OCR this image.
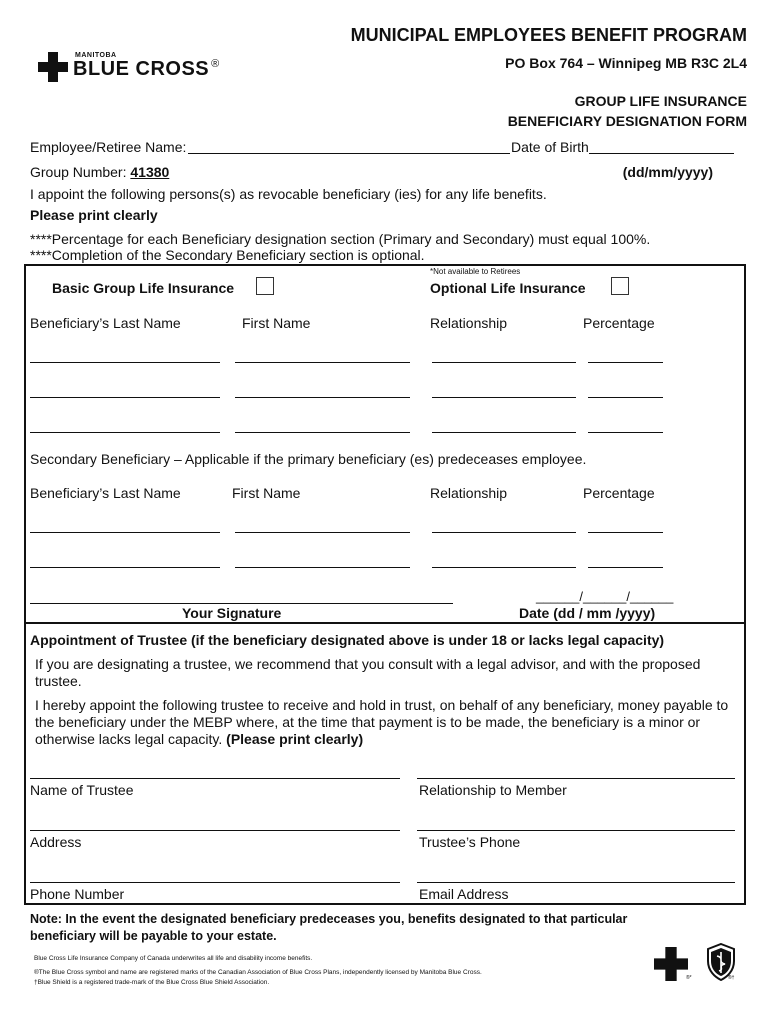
MANITOBA
BLUE CROSS ®
MUNICIPAL EMPLOYEES BENEFIT PROGRAM
PO Box 764 – Winnipeg MB R3C 2L4
GROUP LIFE INSURANCE
BENEFICIARY DESIGNATION FORM
Employee/Retiree Name:	Date of Birth
Group Number: 41380	(dd/mm/yyyy)
I appoint the following persons(s) as revocable beneficiary (ies) for any life benefits.
Please print clearly
****Percentage for each Beneficiary designation section (Primary and Secondary) must equal 100%.
****Completion of the Secondary Beneficiary section is optional.
*Not available to Retirees
Basic Group Life Insurance	Optional Life Insurance
Beneficiary’s Last Name	First Name	Relationship	Percentage
Secondary Beneficiary – Applicable if the primary beneficiary (es) predeceases employee.
Beneficiary’s Last Name	First Name	Relationship	Percentage
______/______/______
Your Signature	Date (dd / mm /yyyy)
Appointment of Trustee (if the beneficiary designated above is under 18 or lacks legal capacity)
If you are designating a trustee, we recommend that you consult with a legal advisor, and with the proposed
trustee.
I hereby appoint the following trustee to receive and hold in trust, on behalf of any beneficiary, money payable to
the beneficiary under the MEBP where, at the time that payment is to be made, the beneficiary is a minor or
otherwise lacks legal capacity. (Please print clearly)
Name of Trustee	Relationship to Member
Address	Trustee’s Phone
Phone Number	Email Address
Note: In the event the designated beneficiary predeceases you, benefits designated to that particular
beneficiary will be payable to your estate.
Blue Cross Life Insurance Company of Canada underwrites all life and disability income benefits.
®The Blue Cross symbol and name are registered marks of the Canadian Association of Blue Cross Plans, independently licensed by Manitoba Blue Cross.
†Blue Shield is a registered trade-mark of the Blue Cross Blue Shield Association.
®*	®†
